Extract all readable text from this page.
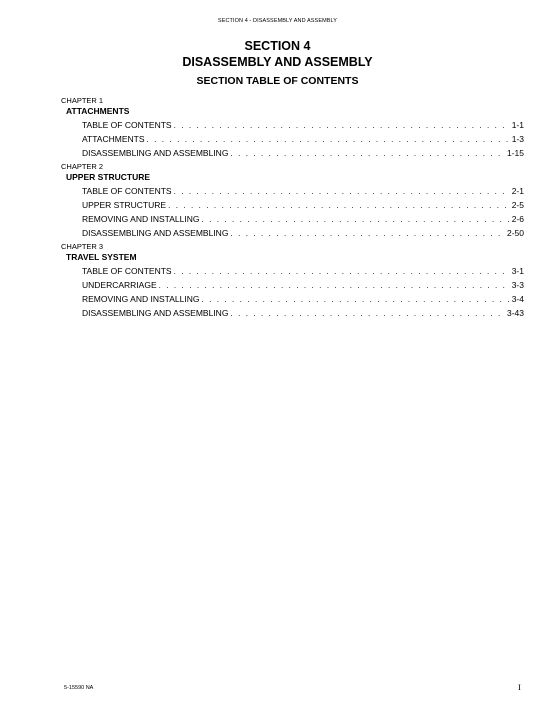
SECTION 4 - DISASSEMBLY AND ASSEMBLY
SECTION 4
DISASSEMBLY AND ASSEMBLY
SECTION TABLE OF CONTENTS
CHAPTER 1
ATTACHMENTS
TABLE OF CONTENTS . . .	1-1
ATTACHMENTS . . .	1-3
DISASSEMBLING AND ASSEMBLING . . .	1-15
CHAPTER 2
UPPER STRUCTURE
TABLE OF CONTENTS . . .	2-1
UPPER STRUCTURE . . .	2-5
REMOVING AND INSTALLING . . .	2-6
DISASSEMBLING AND ASSEMBLING . . .	2-50
CHAPTER 3
TRAVEL SYSTEM
TABLE OF CONTENTS . . .	3-1
UNDERCARRIAGE . . .	3-3
REMOVING AND INSTALLING . . .	3-4
DISASSEMBLING AND ASSEMBLING . . .	3-43
5-15590 NA	I
